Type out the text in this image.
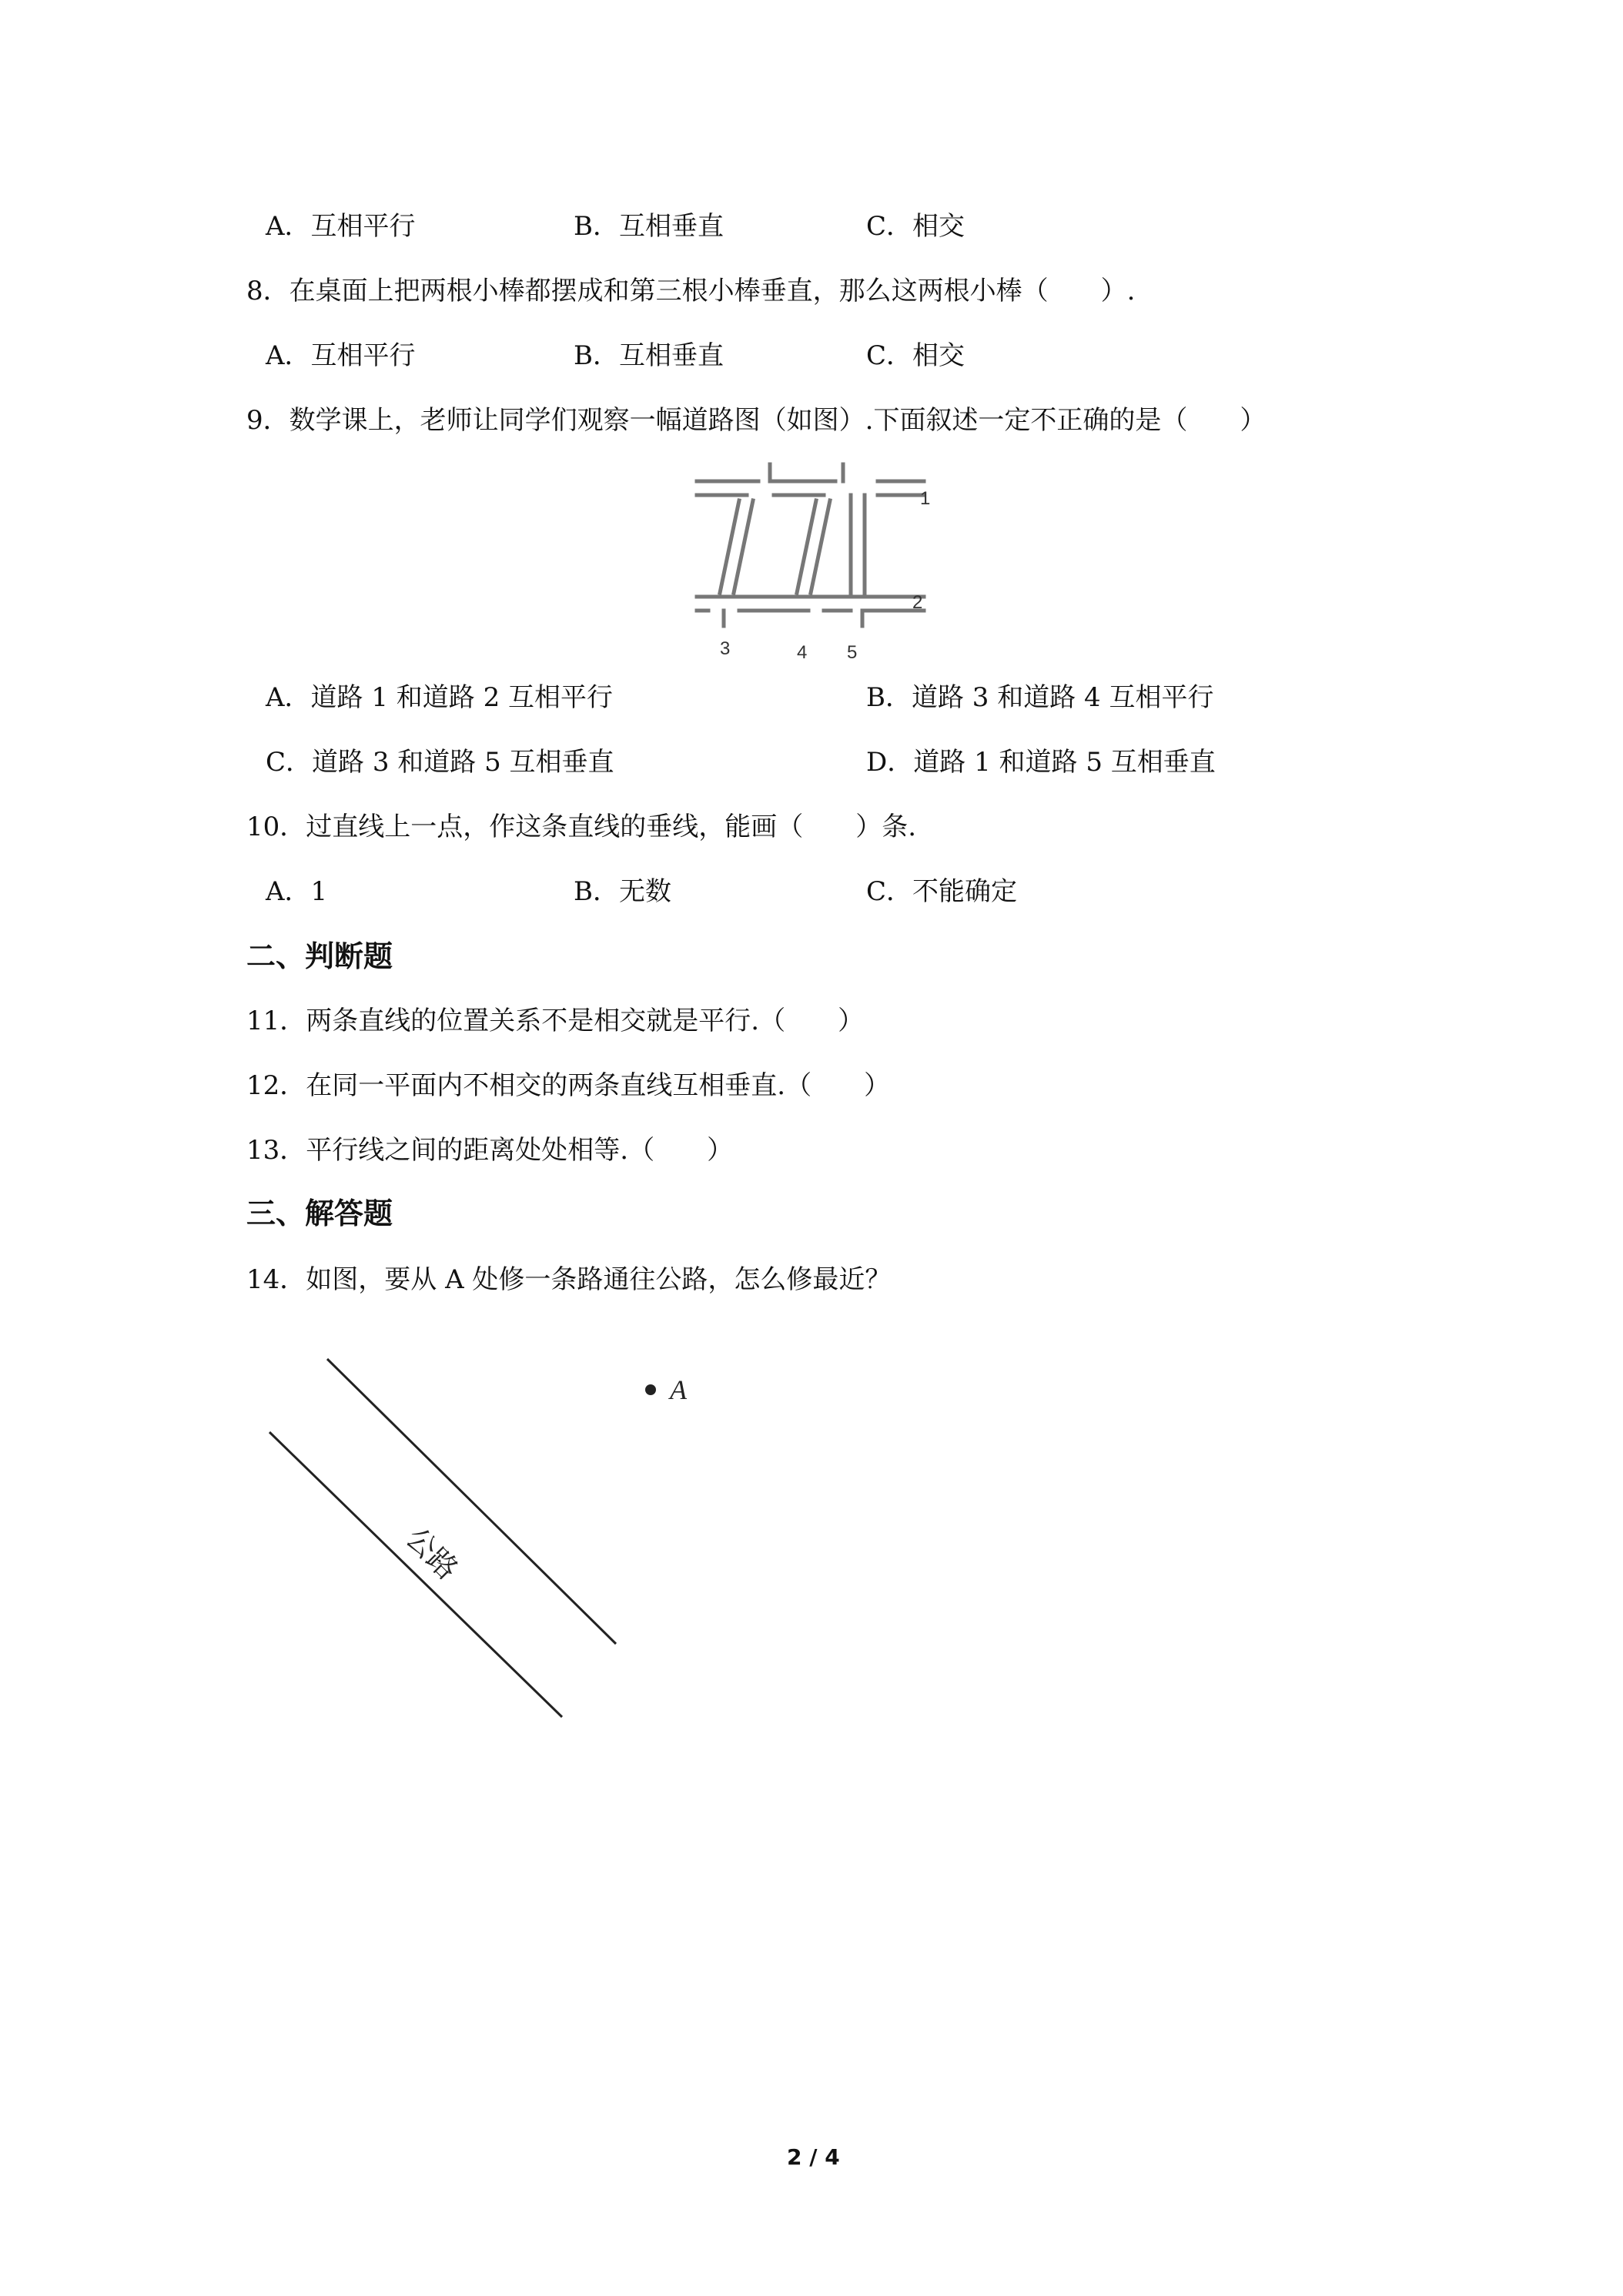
A．互相平行	B．互相垂直	C．相交
8．在桌面上把两根小棒都摆成和第三根小棒垂直，那么这两根小棒（　　）.
A．互相平行	B．互相垂直	C．相交
9．数学课上，老师让同学们观察一幅道路图（如图）.下面叙述一定不正确的是（　　）
1
2
3	4 5
A．道路 1 和道路 2 互相平行	B．道路 3 和道路 4 互相平行
C．道路 3 和道路 5 互相垂直	D．道路 1 和道路 5 互相垂直
10．过直线上一点，作这条直线的垂线，能画（　　）条.
A．1	B．无数	C．不能确定
二、判断题
11．两条直线的位置关系不是相交就是平行.（　　）
12．在同一平面内不相交的两条直线互相垂直.（　　）
13．平行线之间的距离处处相等.（　　）
三、解答题
14．如图，要从 A 处修一条路通往公路，怎么修最近？
A
公路
2 / 4
